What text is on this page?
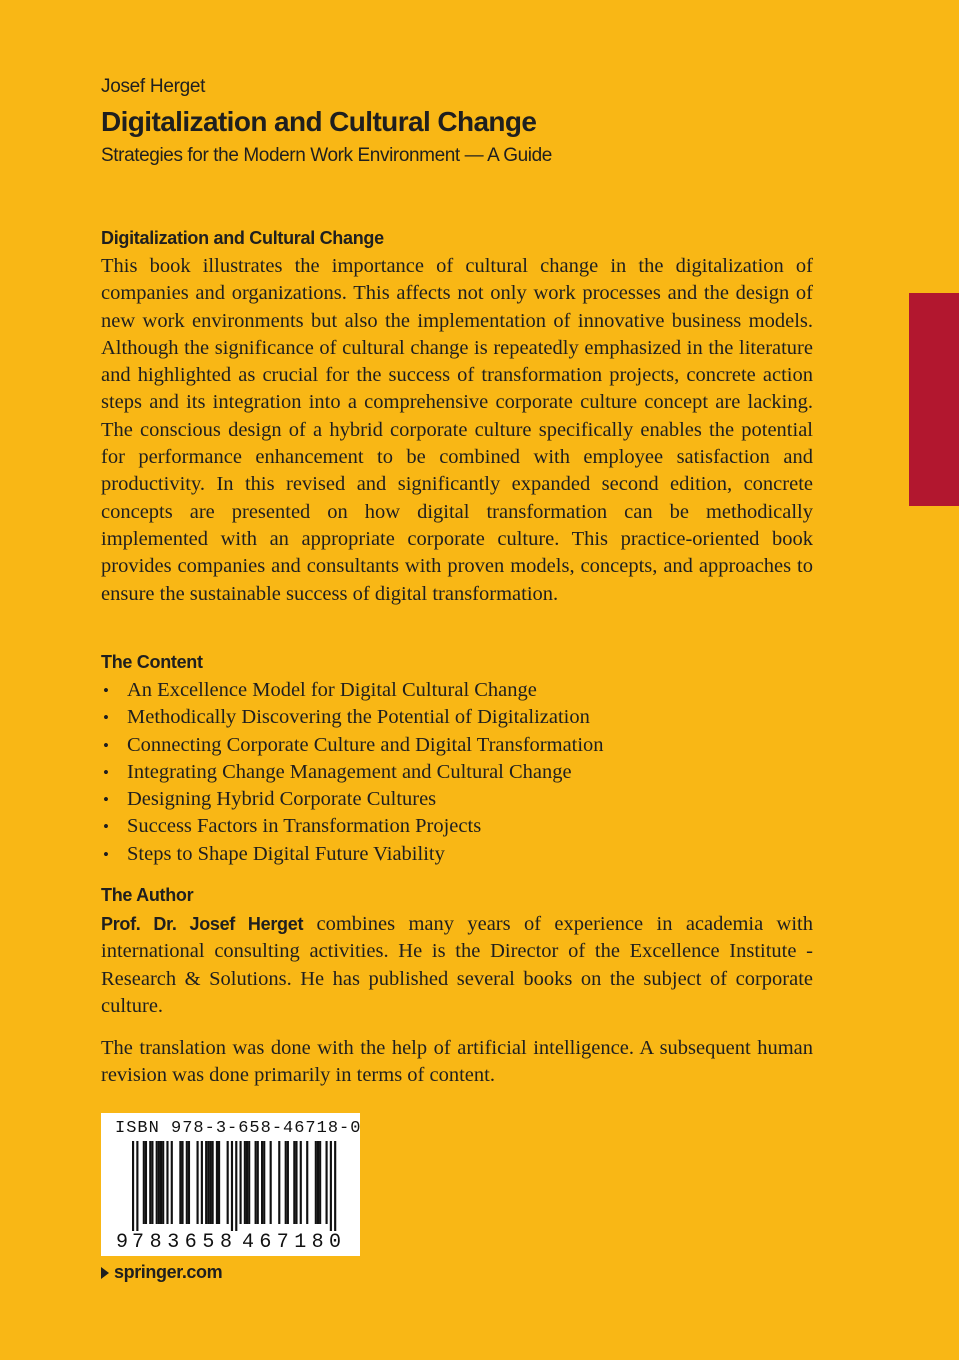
Josef Herget
Digitalization and Cultural Change
Strategies for the Modern Work Environment — A Guide
Digitalization and Cultural Change
This book illustrates the importance of cultural change in the digitalization of companies and organizations. This affects not only work processes and the design of new work environments but also the implementation of innovative business models. Although the significance of cultural change is repeatedly emphasized in the literature and highlighted as crucial for the success of transformation projects, concrete action steps and its integration into a comprehensive corporate culture concept are lacking. The conscious design of a hybrid corporate culture specifically enables the potential for performance enhancement to be combined with employee satisfaction and productivity. In this revised and significantly expanded second edition, concrete concepts are presented on how digital transformation can be methodically implemented with an appropriate corporate culture. This practice-oriented book provides companies and consultants with proven models, concepts, and approaches to ensure the sustainable success of digital transformation.
The Content
• An Excellence Model for Digital Cultural Change
• Methodically Discovering the Potential of Digitalization
• Connecting Corporate Culture and Digital Transformation
• Integrating Change Management and Cultural Change
• Designing Hybrid Corporate Cultures
• Success Factors in Transformation Projects
• Steps to Shape Digital Future Viability
The Author
Prof. Dr. Josef Herget combines many years of experience in academia with international consulting activities. He is the Director of the Excellence Institute - Research & Solutions. He has published several books on the subject of corporate culture.
The translation was done with the help of artificial intelligence. A subsequent human revision was done primarily in terms of content.
ISBN 978-3-658-46718-0
9 783658 467180
springer.com
